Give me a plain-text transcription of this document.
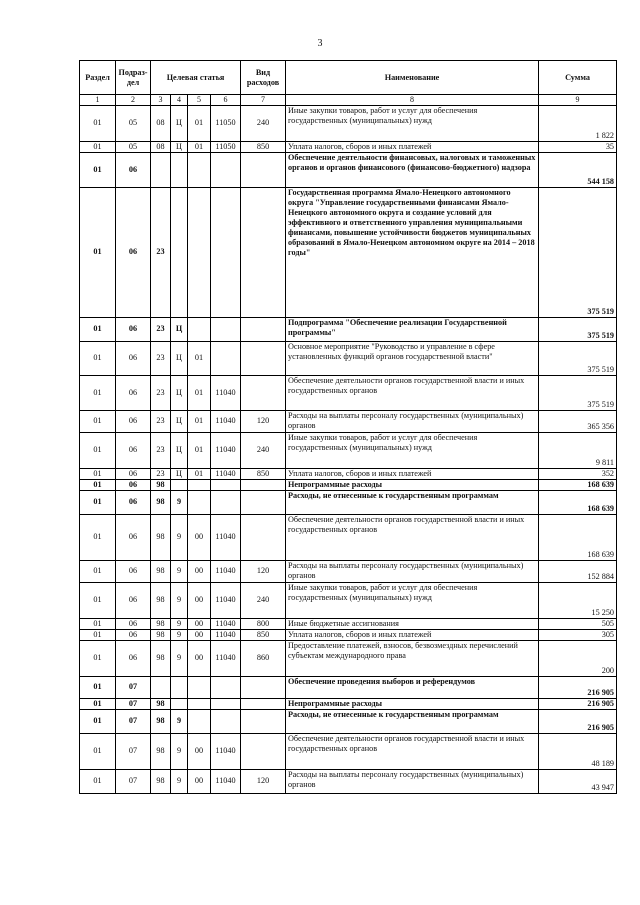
3
Раздел	Подраз-дел	Целевая статья				Вид расходов	Наименование	Сумма
1	2	3	4	5	6	7	8	9
01	05	08	Ц	01	11050	240	Иные закупки товаров, работ и услуг для обеспечения государственных (муниципальных) нужд	1 822
01	05	08	Ц	01	11050	850	Уплата налогов, сборов и иных платежей	35
01	06						Обеспечение деятельности финансовых, налоговых и таможенных органов и органов финансового (финансово-бюджетного) надзора	544 158
01	06	23					Государственная программа Ямало-Ненецкого автономного округа "Управление государственными финансами Ямало-Ненецкого автономного округа и создание условий для эффективного и ответственного управления муниципальными финансами, повышение устойчивости бюджетов муниципальных образований в Ямало-Ненецком автономном округе на 2014 – 2018 годы"	375 519
01	06	23	Ц				Подпрограмма "Обеспечение реализации Государственной программы"	375 519
01	06	23	Ц	01			Основное мероприятие "Руководство и управление в сфере установленных функций органов государственной власти"	375 519
01	06	23	Ц	01	11040		Обеспечение деятельности органов государственной власти и иных государственных органов	375 519
01	06	23	Ц	01	11040	120	Расходы на выплаты персоналу государственных (муниципальных) органов	365 356
01	06	23	Ц	01	11040	240	Иные закупки товаров, работ и услуг для обеспечения государственных (муниципальных) нужд	9 811
01	06	23	Ц	01	11040	850	Уплата налогов, сборов и иных платежей	352
01	06	98					Непрограммные расходы	168 639
01	06	98	9				Расходы, не отнесенные к государственным программам	168 639
01	06	98	9	00	11040		Обеспечение деятельности органов государственной власти и иных государственных органов	168 639
01	06	98	9	00	11040	120	Расходы на выплаты персоналу государственных (муниципальных) органов	152 884
01	06	98	9	00	11040	240	Иные закупки товаров, работ и услуг для обеспечения государственных (муниципальных) нужд	15 250
01	06	98	9	00	11040	800	Иные бюджетные ассигнования	505
01	06	98	9	00	11040	850	Уплата налогов, сборов и иных платежей	305
01	06	98	9	00	11040	860	Предоставление платежей, взносов, безвозмездных перечислений субъектам международного права	200
01	07						Обеспечение проведения выборов и референдумов	216 905
01	07	98					Непрограммные расходы	216 905
01	07	98	9				Расходы, не отнесенные к государственным программам	216 905
01	07	98	9	00	11040		Обеспечение деятельности органов государственной власти и иных государственных органов	48 189
01	07	98	9	00	11040	120	Расходы на выплаты персоналу государственных (муниципальных) органов	43 947
